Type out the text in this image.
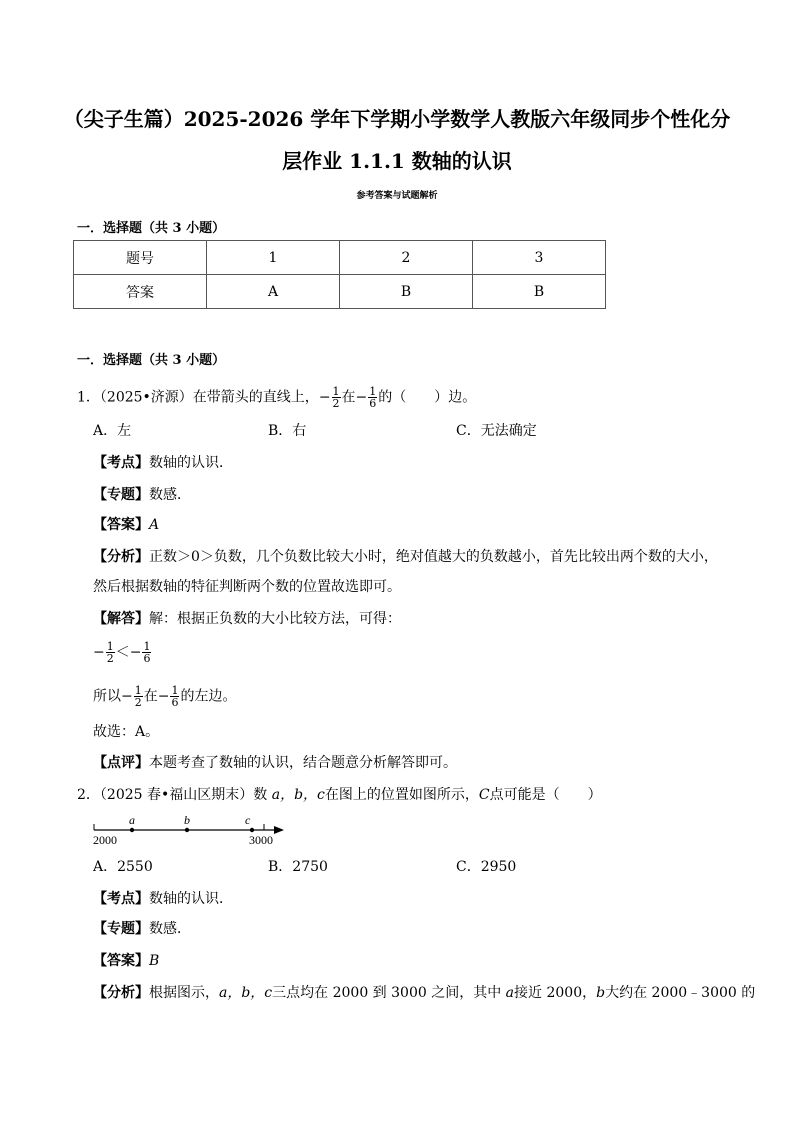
（尖子生篇）2025-2026 学年下学期小学数学人教版六年级同步个性化分
层作业 1.1.1 数轴的认识
参考答案与试题解析
一．选择题（共 3 小题）
题号	1	2	3
答案	A	B	B
一．选择题（共 3 小题）
1．（2025•济源）在带箭头的直线上，− $\frac{1}{2}$ 在− $\frac{1}{6}$ 的（　　）边。
A．左	B．右	C．无法确定
【考点】数轴的认识．
【专题】数感．
【答案】A
【分析】正数＞0＞负数，几个负数比较大小时，绝对值越大的负数越小，首先比较出两个数的大小，
然后根据数轴的特征判断两个数的位置故选即可。
【解答】解：根据正负数的大小比较方法，可得：
− $\frac{1}{2} <- \frac{1}{6}$
所以− $\frac{1}{2}$ 在− $\frac{1}{6}$ 的左边。
故选：A。
【点评】本题考查了数轴的认识，结合题意分析解答即可。
2．（2025 春•福山区期末）数 a，b，c在图上的位置如图所示，C点可能是（　　）
a	b	c
2000	3000
A．2550	B．2750	C．2950
【考点】数轴的认识．
【专题】数感．
【答案】B
【分析】根据图示，a，b，c三点均在 2000 到 3000 之间，其中 a接近 2000，b大约在 2000﹣3000 的
